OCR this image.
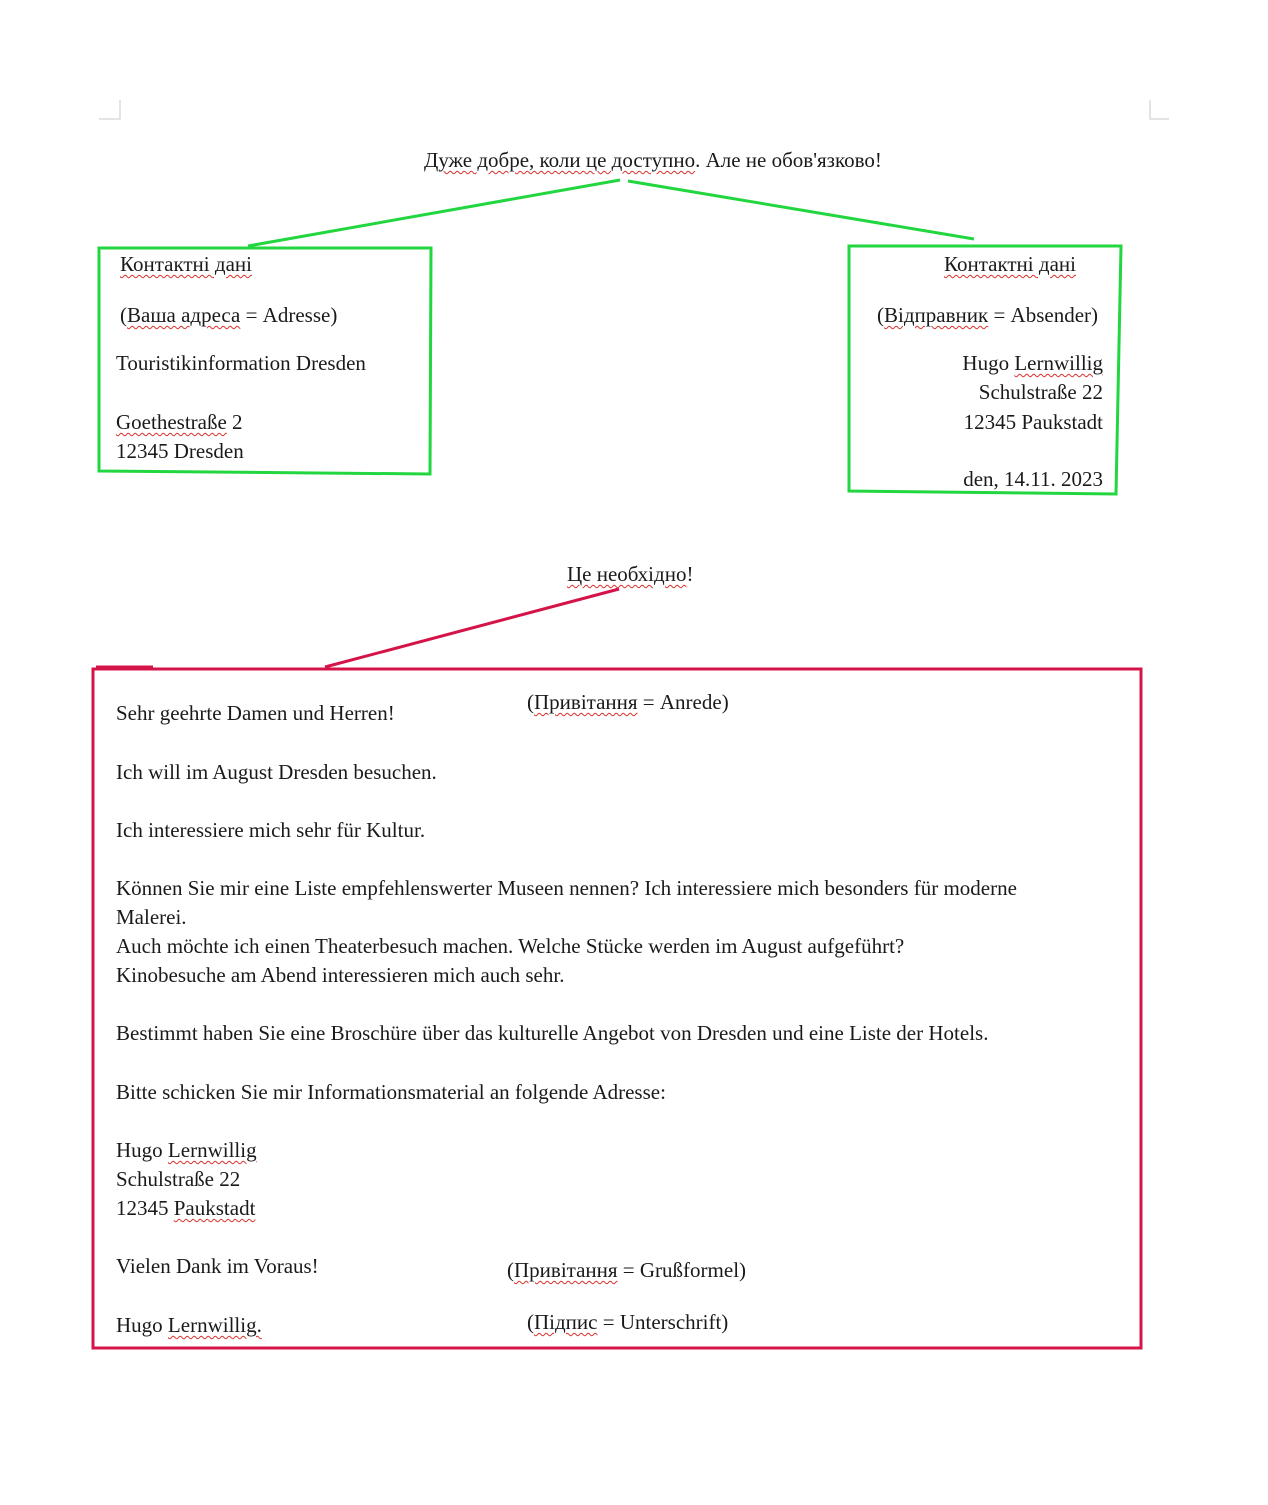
Дуже добре, коли це доступно. Але не обов'язково!
Контактні дані
(Ваша адреса = Adresse)
Touristikinformation Dresden
Goethestraße 2
12345 Dresden
Контактні дані
(Відправник = Absender)
Hugo Lernwillig
Schulstraße 22
12345 Paukstadt
den, 14.11. 2023
Це необхідно!
Sehr geehrte Damen und Herren!	(Привітання = Anrede)
Ich will im August Dresden besuchen.
Ich interessiere mich sehr für Kultur.
Können Sie mir eine Liste empfehlenswerter Museen nennen? Ich interessiere mich besonders für moderne
Malerei.
Auch möchte ich einen Theaterbesuch machen. Welche Stücke werden im August aufgeführt?
Kinobesuche am Abend interessieren mich auch sehr.
Bestimmt haben Sie eine Broschüre über das kulturelle Angebot von Dresden und eine Liste der Hotels.
Bitte schicken Sie mir Informationsmaterial an folgende Adresse:
Hugo Lernwillig
Schulstraße 22
12345 Paukstadt
Vielen Dank im Voraus!	(Привітання = Grußformel)
Hugo Lernwillig.	(Підпис = Unterschrift)
